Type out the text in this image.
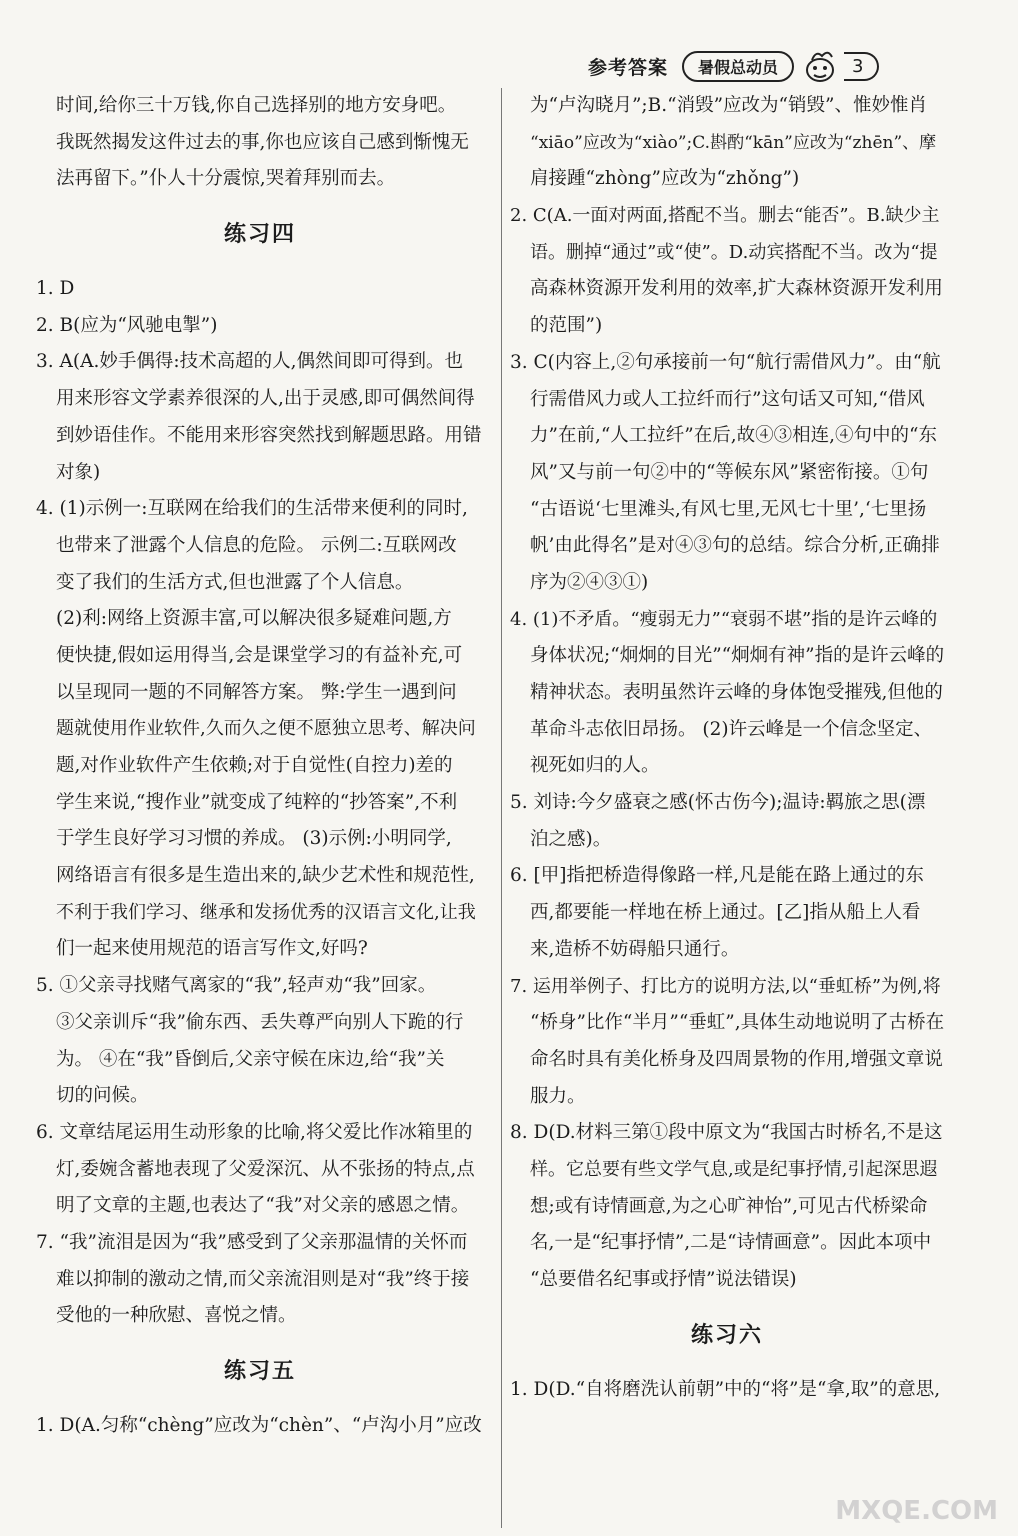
参考答案	暑假总动员	3
时间,给你三十万钱,你自己选择别的地方安身吧。
我既然揭发这件过去的事,你也应该自己感到惭愧无
法再留下。”仆人十分震惊,哭着拜别而去。
练习四
1. D
2. B(应为“风驰电掣”)
3. A(A.妙手偶得:技术高超的人,偶然间即可得到。也
用来形容文学素养很深的人,出于灵感,即可偶然间得
到妙语佳作。不能用来形容突然找到解题思路。用错
对象)
4. (1)示例一:互联网在给我们的生活带来便利的同时,
也带来了泄露个人信息的危险。 示例二:互联网改
变了我们的生活方式,但也泄露了个人信息。
(2)利:网络上资源丰富,可以解决很多疑难问题,方
便快捷,假如运用得当,会是课堂学习的有益补充,可
以呈现同一题的不同解答方案。 弊:学生一遇到问
题就使用作业软件,久而久之便不愿独立思考、解决问
题,对作业软件产生依赖;对于自觉性(自控力)差的
学生来说,“搜作业”就变成了纯粹的“抄答案”,不利
于学生良好学习习惯的养成。 (3)示例:小明同学,
网络语言有很多是生造出来的,缺少艺术性和规范性,
不利于我们学习、继承和发扬优秀的汉语言文化,让我
们一起来使用规范的语言写作文,好吗?
5. ①父亲寻找赌气离家的“我”,轻声劝“我”回家。
③父亲训斥“我”偷东西、丢失尊严向别人下跪的行
为。 ④在“我”昏倒后,父亲守候在床边,给“我”关
切的问候。
6. 文章结尾运用生动形象的比喻,将父爱比作冰箱里的
灯,委婉含蓄地表现了父爱深沉、从不张扬的特点,点
明了文章的主题,也表达了“我”对父亲的感恩之情。
7. “我”流泪是因为“我”感受到了父亲那温情的关怀而
难以抑制的激动之情,而父亲流泪则是对“我”终于接
受他的一种欣慰、喜悦之情。
练习五
1. D(A.匀称“chèng”应改为“chèn”、“卢沟小月”应改
为“卢沟晓月”;B.“消毁”应改为“销毁”、惟妙惟肖
“xiāo”应改为“xiào”;C.斟酌“kān”应改为“zhēn”、摩
肩接踵“zhòng”应改为“zhǒng”)
2. C(A.一面对两面,搭配不当。删去“能否”。B.缺少主
语。删掉“通过”或“使”。D.动宾搭配不当。改为“提
高森林资源开发利用的效率,扩大森林资源开发利用
的范围”)
3. C(内容上,②句承接前一句“航行需借风力”。由“航
行需借风力或人工拉纤而行”这句话又可知,“借风
力”在前,“人工拉纤”在后,故④③相连,④句中的“东
风”又与前一句②中的“等候东风”紧密衔接。①句
“古语说‘七里滩头,有风七里,无风七十里’,‘七里扬
帆’由此得名”是对④③句的总结。综合分析,正确排
序为②④③①)
4. (1)不矛盾。“瘦弱无力”“衰弱不堪”指的是许云峰的
身体状况;“炯炯的目光”“炯炯有神”指的是许云峰的
精神状态。表明虽然许云峰的身体饱受摧残,但他的
革命斗志依旧昂扬。 (2)许云峰是一个信念坚定、
视死如归的人。
5. 刘诗:今夕盛衰之感(怀古伤今);温诗:羁旅之思(漂
泊之感)。
6. [甲]指把桥造得像路一样,凡是能在路上通过的东
西,都要能一样地在桥上通过。[乙]指从船上人看
来,造桥不妨碍船只通行。
7. 运用举例子、打比方的说明方法,以“垂虹桥”为例,将
“桥身”比作“半月”“垂虹”,具体生动地说明了古桥在
命名时具有美化桥身及四周景物的作用,增强文章说
服力。
8. D(D.材料三第①段中原文为“我国古时桥名,不是这
样。它总要有些文学气息,或是纪事抒情,引起深思遐
想;或有诗情画意,为之心旷神怡”,可见古代桥梁命
名,一是“纪事抒情”,二是“诗情画意”。因此本项中
“总要借名纪事或抒情”说法错误)
练习六
1. D(D.“自将磨洗认前朝”中的“将”是“拿,取”的意思,
MXQE.COM
